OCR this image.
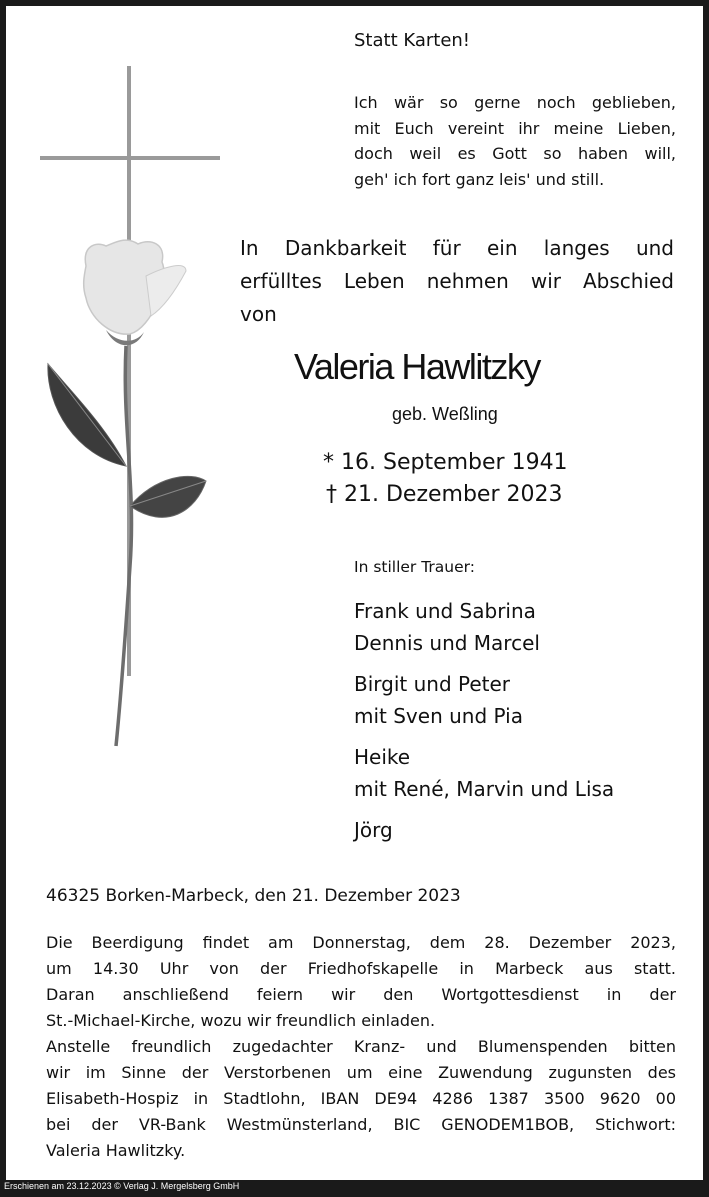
Statt Karten!
Ich wär so gerne noch geblieben,
mit Euch vereint ihr meine Lieben,
doch weil es Gott so haben will,
geh' ich fort ganz leis' und still.
In Dankbarkeit für ein langes und
erfülltes Leben nehmen wir Abschied
von
Valeria Hawlitzky
geb. Weßling
* 16. September 1941
† 21. Dezember 2023
In stiller Trauer:
Frank und Sabrina
Dennis und Marcel
Birgit und Peter
mit Sven und Pia
Heike
mit René, Marvin und Lisa
Jörg
46325 Borken-Marbeck, den 21. Dezember 2023
Die Beerdigung findet am Donnerstag, dem 28. Dezember 2023,
um 14.30 Uhr von der Friedhofskapelle in Marbeck aus statt.
Daran anschließend feiern wir den Wortgottesdienst in der
St.-Michael-Kirche, wozu wir freundlich einladen.
Anstelle freundlich zugedachter Kranz- und Blumenspenden bitten
wir im Sinne der Verstorbenen um eine Zuwendung zugunsten des
Elisabeth-Hospiz in Stadtlohn, IBAN DE94 4286 1387 3500 9620 00
bei der VR-Bank Westmünsterland, BIC GENODEM1BOB, Stichwort:
Valeria Hawlitzky.
Erschienen am 23.12.2023 © Verlag J. Mergelsberg GmbH
